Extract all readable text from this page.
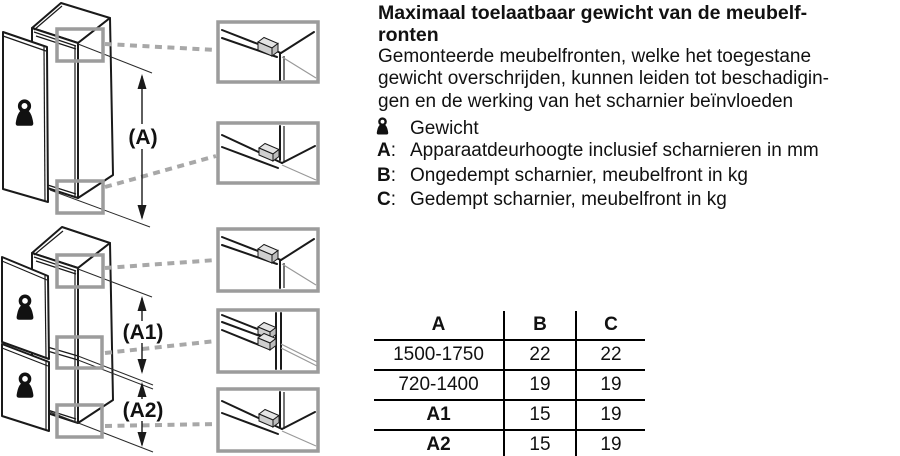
(A)
(A1)
(A2)
Maximaal toelaatbaar gewicht van de meubelf-
ronten
Gemonteerde meubelfronten, welke het toegestane
gewicht overschrijden, kunnen leiden tot beschadigin-
gen en de werking van het scharnier beïnvloeden
Gewicht
A: Apparaatdeurhoogte inclusief scharnieren in mm
B: Ongedempt scharnier, meubelfront in kg
C: Gedempt scharnier, meubelfront in kg
A	B	C
1500-1750	22	22
720-1400	19	19
A1	15	19
A2	15	19
